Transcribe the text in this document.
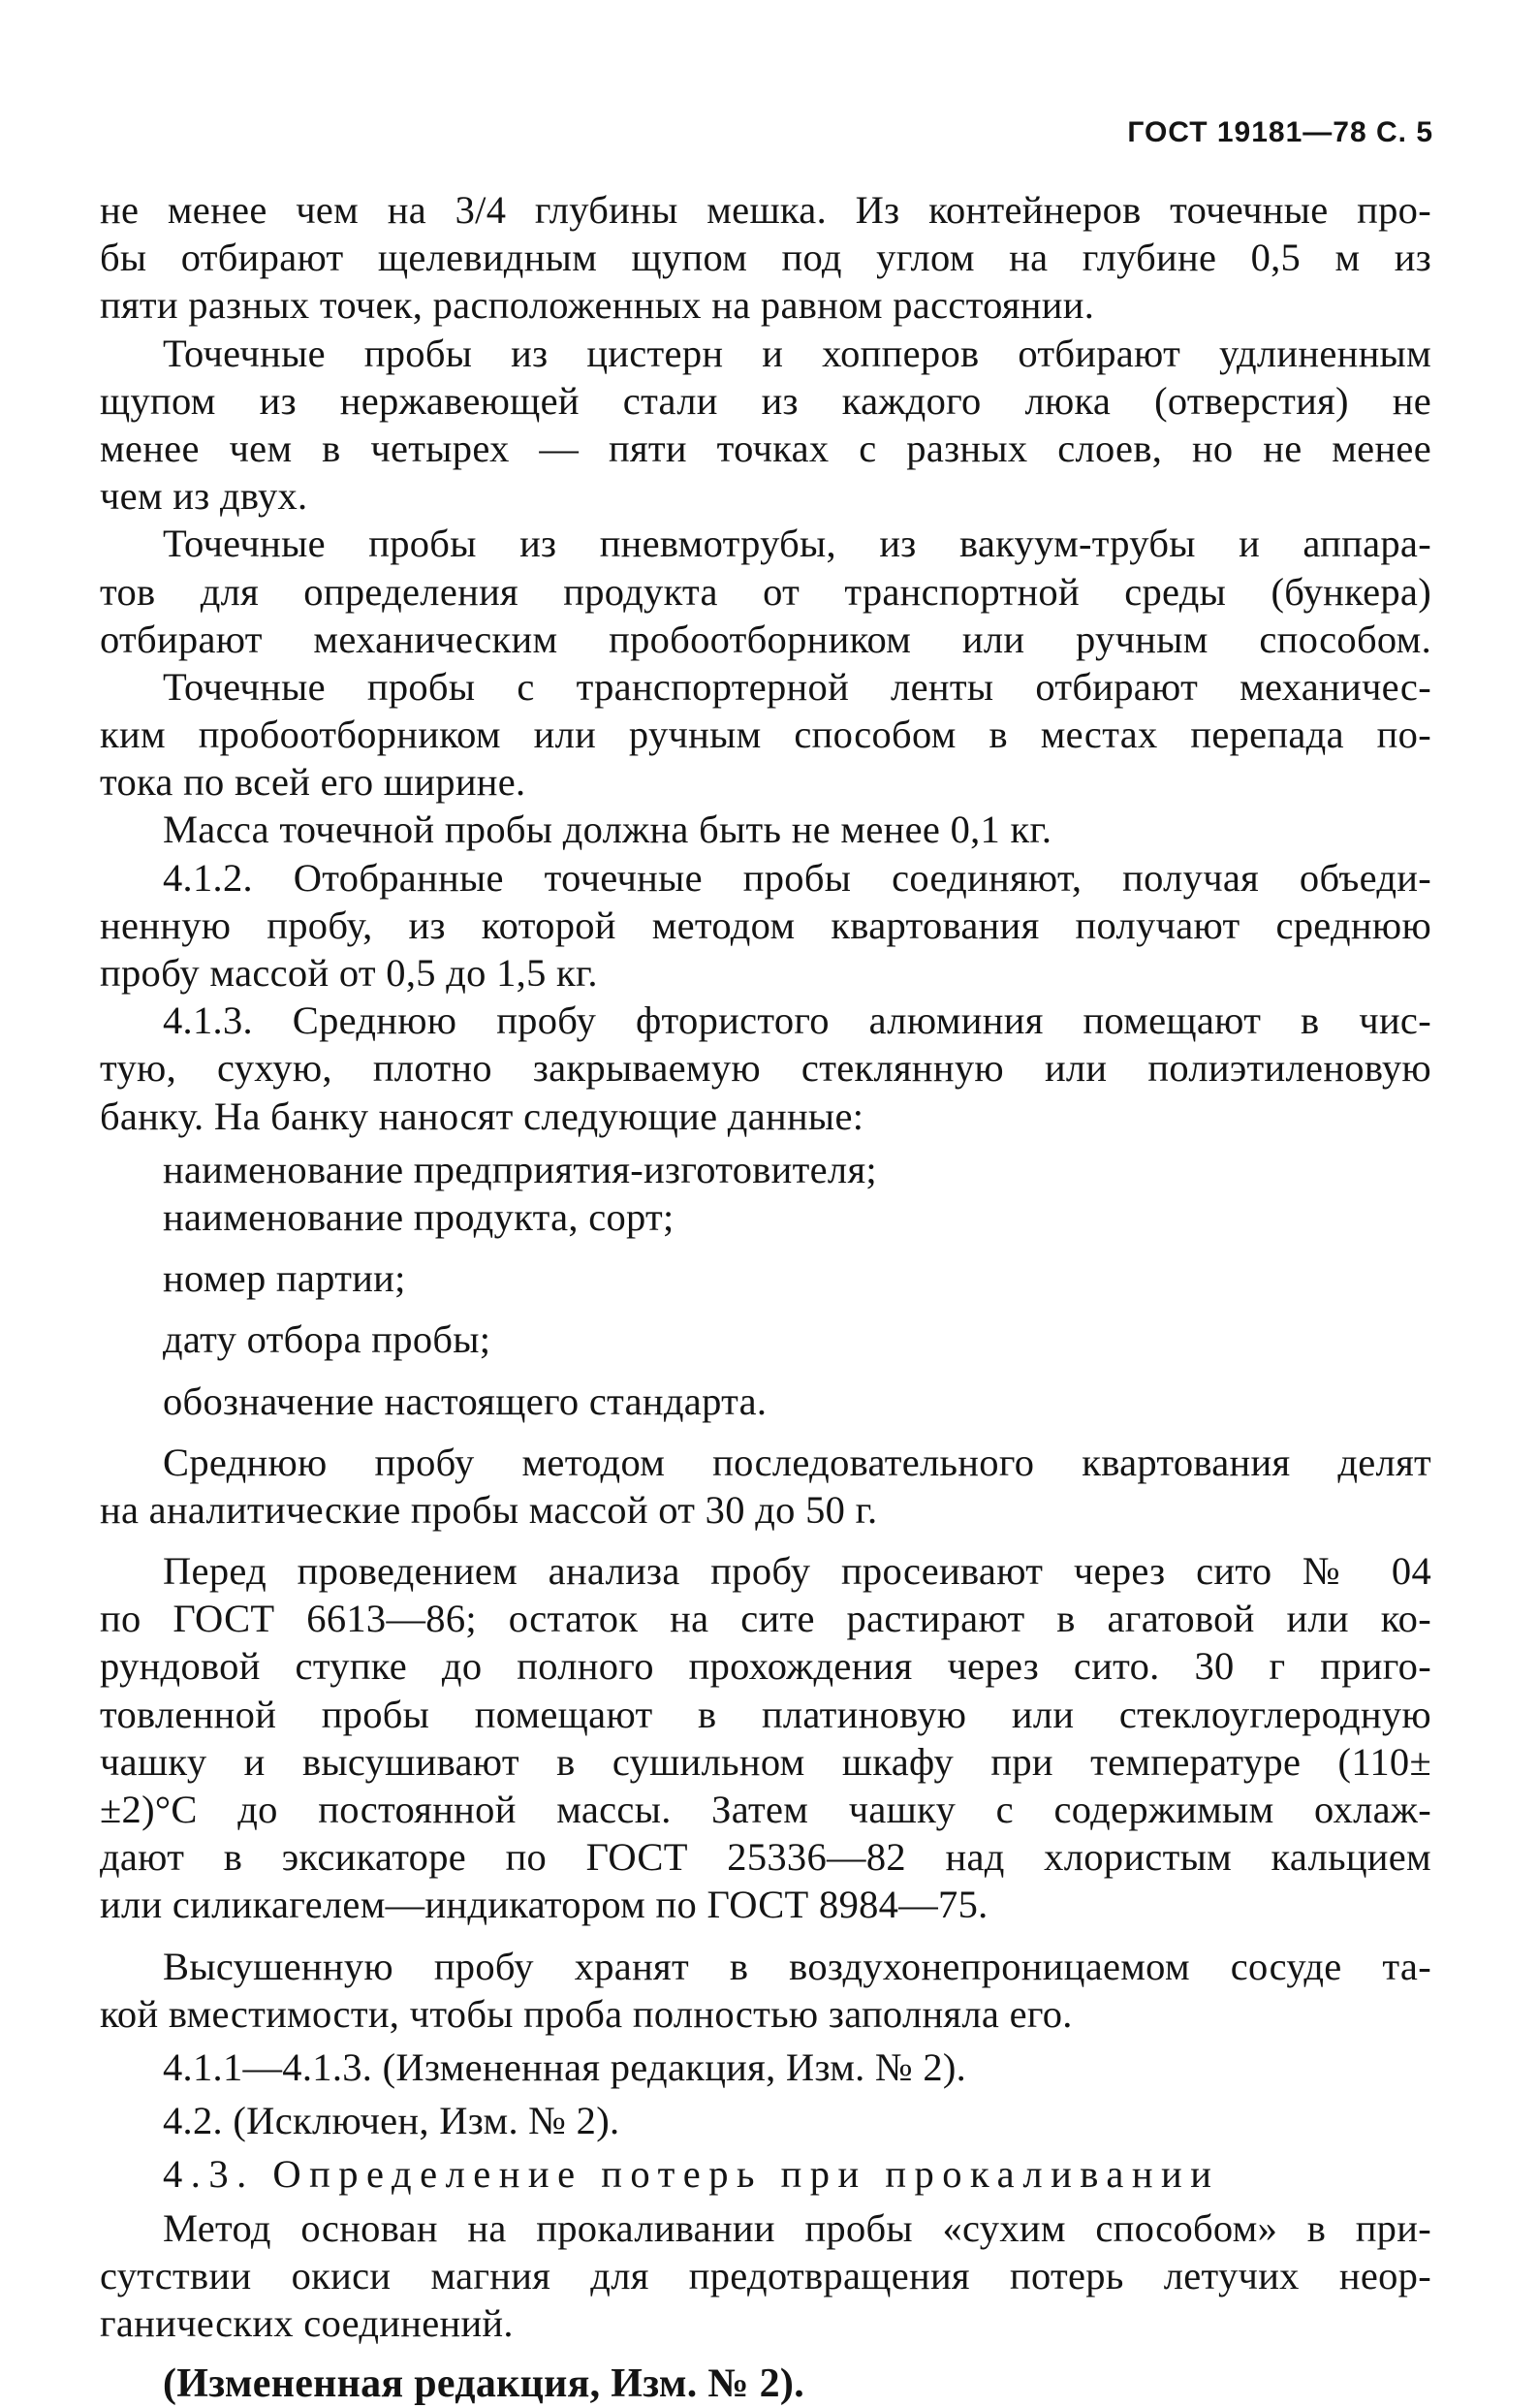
ГОСТ 19181—78 С. 5
не менее чем на 3/4 глубины мешка. Из контейнеров точечные про-
бы отбирают щелевидным щупом под углом на глубине 0,5 м из
пяти разных точек, расположенных на равном расстоянии.
Точечные пробы из цистерн и хопперов отбирают удлиненным
щупом из нержавеющей стали из каждого люка (отверстия) не
менее чем в четырех — пяти точках с разных слоев, но не менее
чем из двух.
Точечные пробы из пневмотрубы, из вакуум-трубы и аппара-
тов для определения продукта от транспортной среды (бункера)
отбирают механическим пробоотборником или ручным способом.
Точечные пробы с транспортерной ленты отбирают механичес-
ким пробоотборником или ручным способом в местах перепада по-
тока по всей его ширине.
Масса точечной пробы должна быть не менее 0,1 кг.
4.1.2. Отобранные точечные пробы соединяют, получая объеди-
ненную пробу, из которой методом квартования получают среднюю
пробу массой от 0,5 до 1,5 кг.
4.1.3. Среднюю пробу фтористого алюминия помещают в чис-
тую, сухую, плотно закрываемую стеклянную или полиэтиленовую
банку. На банку наносят следующие данные:
наименование предприятия-изготовителя;
наименование продукта, сорт;
номер партии;
дату отбора пробы;
обозначение настоящего стандарта.
Среднюю пробу методом последовательного квартования делят
на аналитические пробы массой от 30 до 50 г.
Перед проведением анализа пробу просеивают через сито № 04
по ГОСТ 6613—86; остаток на сите растирают в агатовой или ко-
рундовой ступке до полного прохождения через сито. 30 г приго-
товленной пробы помещают в платиновую или стеклоуглеродную
чашку и высушивают в сушильном шкафу при температуре (110±
±2)°С до постоянной массы. Затем чашку с содержимым охлаж-
дают в эксикаторе по ГОСТ 25336—82 над хлористым кальцием
или силикагелем—индикатором по ГОСТ 8984—75.
Высушенную пробу хранят в воздухонепроницаемом сосуде та-
кой вместимости, чтобы проба полностью заполняла его.
4.1.1—4.1.3. (Измененная редакция, Изм. № 2).
4.2. (Исключен, Изм. № 2).
4.3. Определение потерь при прокаливании
Метод основан на прокаливании пробы «сухим способом» в при-
сутствии окиси магния для предотвращения потерь летучих неор-
ганических соединений.
(Измененная редакция, Изм. № 2).
